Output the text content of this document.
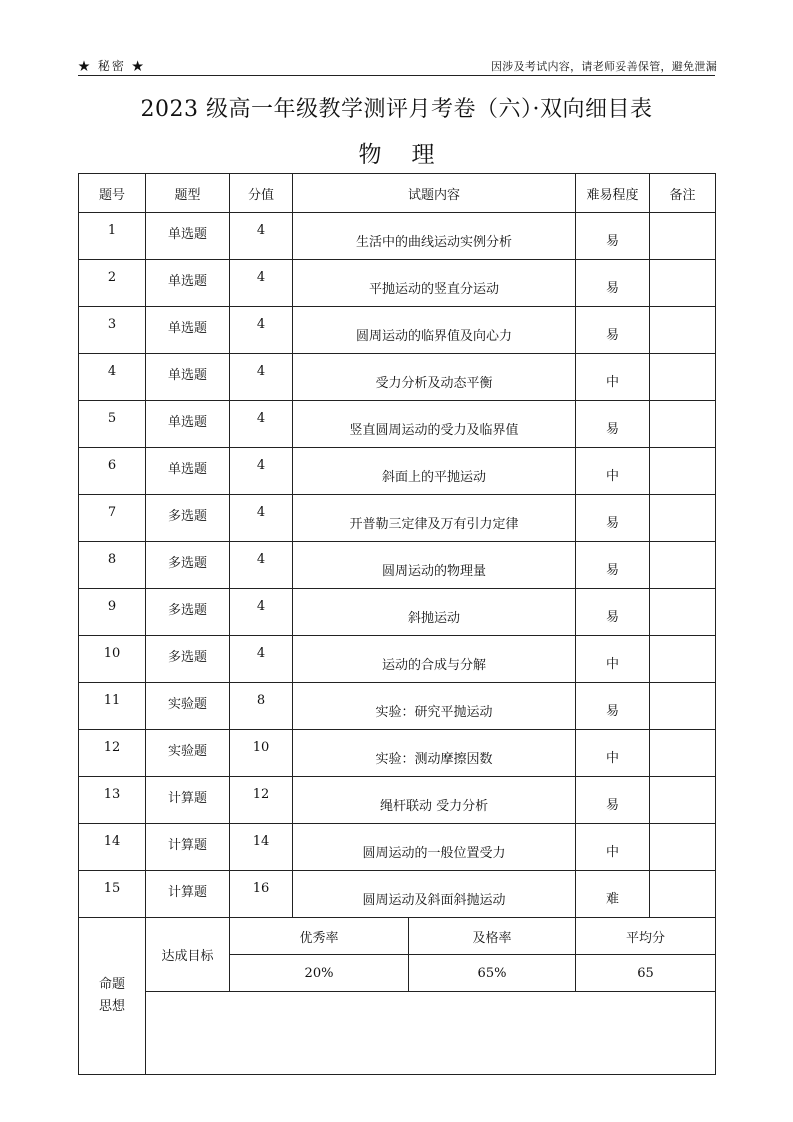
★ 秘密 ★	因涉及考试内容，请老师妥善保管，避免泄漏
2023 级高一年级教学测评月考卷（六）·双向细目表
物理
题号	题型	分值	试题内容		难易程度	备注
1	单选题	4	生活中的曲线运动实例分析		易	
2	单选题	4	平抛运动的竖直分运动		易	
3	单选题	4	圆周运动的临界值及向心力		易	
4	单选题	4	受力分析及动态平衡		中	
5	单选题	4	竖直圆周运动的受力及临界值		易	
6	单选题	4	斜面上的平抛运动		中	
7	多选题	4	开普勒三定律及万有引力定律		易	
8	多选题	4	圆周运动的物理量		易	
9	多选题	4	斜抛运动		易	
10	多选题	4	运动的合成与分解		中	
11	实验题	8	实验：研究平抛运动		易	
12	实验题	10	实验：测动摩擦因数		中	
13	计算题	12	绳杆联动 受力分析		易	
14	计算题	14	圆周运动的一般位置受力		中	
15	计算题	16	圆周运动及斜面斜抛运动		难	
命题
思想	达成目标	优秀率		及格率	平均分	
		20%		65%	65	
